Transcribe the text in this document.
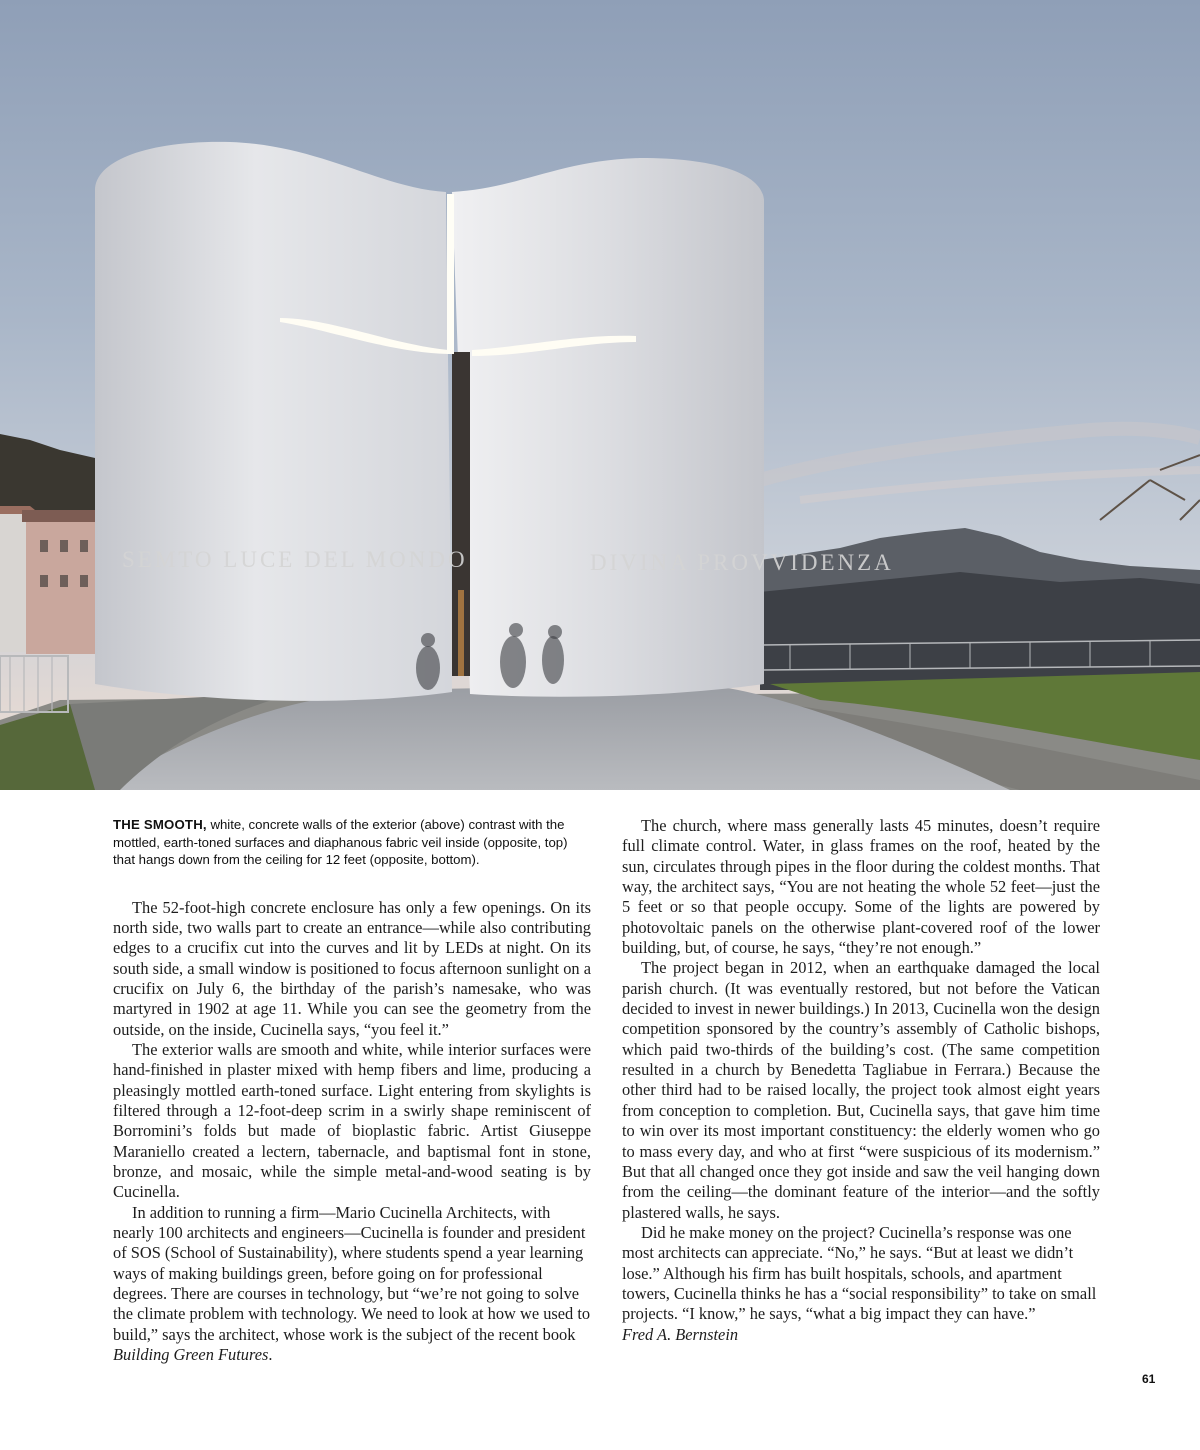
SEMTO LUCE DEL MONDO	DIVINA PROVVIDENZA

THE SMOOTH, white, concrete walls of the exterior (above) contrast with the mottled, earth-toned surfaces and diaphanous fabric veil inside (opposite, top) that hangs down from the ceiling for 12 feet (opposite, bottom).

The 52-foot-high concrete enclosure has only a few openings. On its north side, two walls part to create an entrance—while also contributing edges to a crucifix cut into the curves and lit by LEDs at night. On its south side, a small window is positioned to focus afternoon sunlight on a crucifix on July 6, the birthday of the parish’s namesake, who was martyred in 1902 at age 11. While you can see the geometry from the outside, on the inside, Cucinella says, “you feel it.”

The exterior walls are smooth and white, while interior surfaces were hand-finished in plaster mixed with hemp fibers and lime, producing a pleasingly mottled earth-toned surface. Light entering from skylights is filtered through a 12-foot-deep scrim in a swirly shape reminiscent of Borromini’s folds but made of bioplastic fabric. Artist Giuseppe Maraniello created a lectern, tabernacle, and baptismal font in stone, bronze, and mosaic, while the simple metal-and-wood seating is by Cucinella.

In addition to running a firm—Mario Cucinella Architects, with nearly 100 architects and engineers—Cucinella is founder and president of SOS (School of Sustainability), where students spend a year learning ways of making buildings green, before going on for professional degrees. There are courses in technology, but “we’re not going to solve the climate problem with technology. We need to look at how we used to build,” says the architect, whose work is the subject of the recent book Building Green Futures.

The church, where mass generally lasts 45 minutes, doesn’t require full climate control. Water, in glass frames on the roof, heated by the sun, circulates through pipes in the floor during the coldest months. That way, the architect says, “You are not heating the whole 52 feet—just the 5 feet or so that people occupy. Some of the lights are powered by photovoltaic panels on the otherwise plant-covered roof of the lower building, but, of course, he says, “they’re not enough.”

The project began in 2012, when an earthquake damaged the local parish church. (It was eventually restored, but not before the Vatican decided to invest in newer buildings.) In 2013, Cucinella won the design competition sponsored by the country’s assembly of Catholic bishops, which paid two-thirds of the building’s cost. (The same competition resulted in a church by Benedetta Tagliabue in Ferrara.) Because the other third had to be raised locally, the project took almost eight years from conception to completion. But, Cucinella says, that gave him time to win over its most important constituency: the elderly women who go to mass every day, and who at first “were suspicious of its modernism.” But that all changed once they got inside and saw the veil hanging down from the ceiling—the dominant feature of the interior—and the softly plastered walls, he says.

Did he make money on the project? Cucinella’s response was one most architects can appreciate. “No,” he says. “But at least we didn’t lose.” Although his firm has built hospitals, schools, and apartment towers, Cucinella thinks he has a “social responsibility” to take on small projects. “I know,” he says, “what a big impact they can have.”

Fred A. Bernstein

61
